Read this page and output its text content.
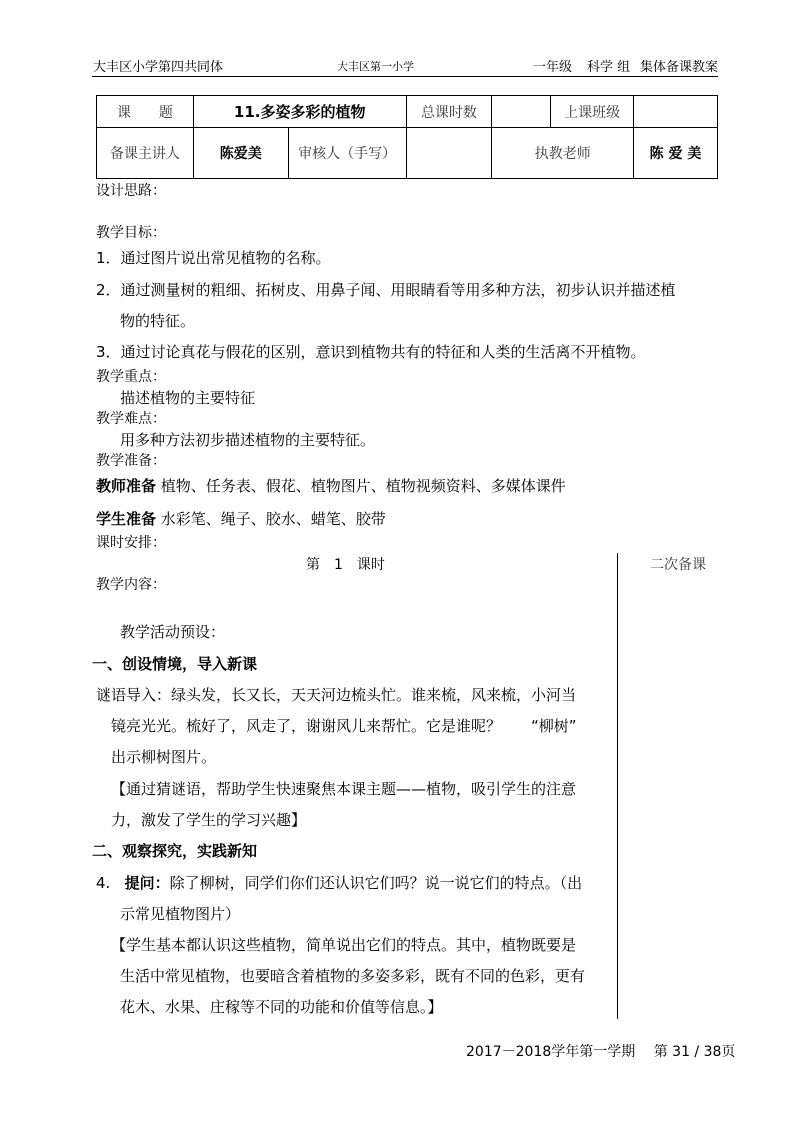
大丰区小学第四共同体	大丰区第一小学	一年级 科学 组 集体备课教案
课　　题	11.多姿多彩的植物		总课时数		上课班级	
备课主讲人	陈爱美	审核人（手写）		执教老师		陈 爱 美
设计思路：
教学目标：
1．通过图片说出常见植物的名称。
2．通过测量树的粗细、拓树皮、用鼻子闻、用眼睛看等用多种方法，初步认识并描述植
物的特征。
3．通过讨论真花与假花的区别，意识到植物共有的特征和人类的生活离不开植物。
教学重点：
描述植物的主要特征
教学难点：
用多种方法初步描述植物的主要特征。
教学准备：
教师准备 植物、任务表、假花、植物图片、植物视频资料、多媒体课件
学生准备 水彩笔、绳子、胶水、蜡笔、胶带
课时安排：
第　1　课时	二次备课
教学内容：
教学活动预设：
一、创设情境，导入新课
谜语导入：绿头发，长又长，天天河边梳头忙。谁来梳，风来梳，小河当
镜亮光光。梳好了，风走了，谢谢风儿来帮忙。它是谁呢？　　“柳树”
出示柳树图片。
【通过猜谜语，帮助学生快速聚焦本课主题——植物，吸引学生的注意
力，激发了学生的学习兴趣】
二、观察探究，实践新知
4. 提问：除了柳树，同学们你们还认识它们吗？说一说它们的特点。（出
示常见植物图片）
【学生基本都认识这些植物，简单说出它们的特点。其中，植物既要是
生活中常见植物，也要暗含着植物的多姿多彩，既有不同的色彩，更有
花木、水果、庄稼等不同的功能和价值等信息。】
2017－2018学年第一学期　 第 31 / 38页
